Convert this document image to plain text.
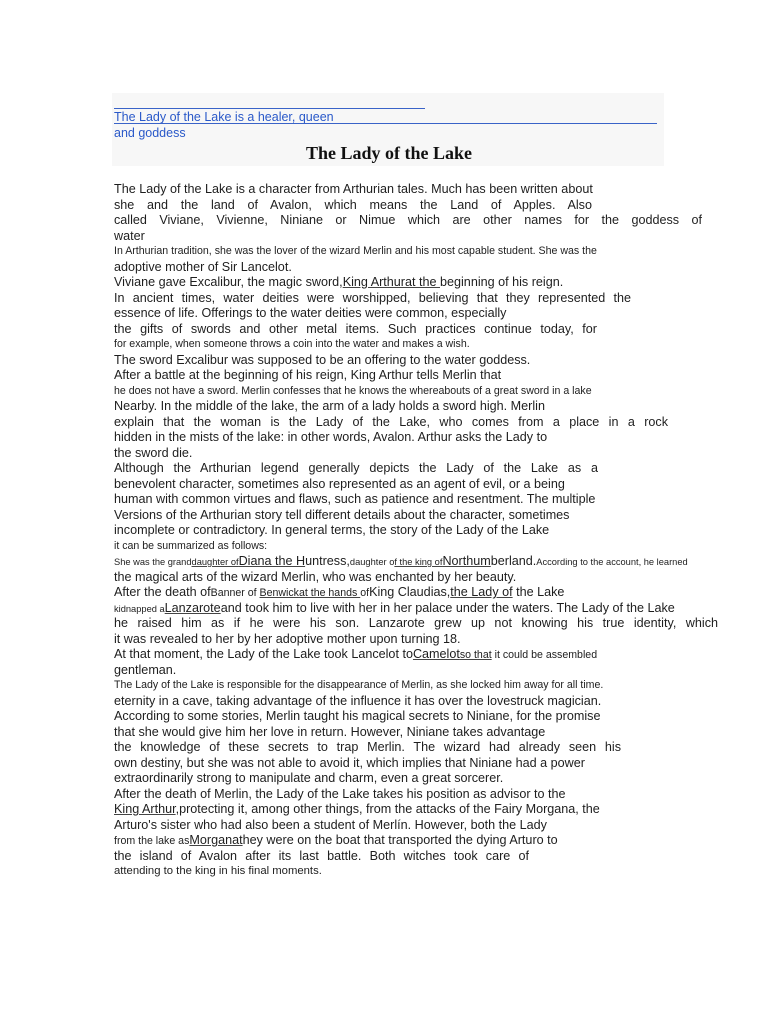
The Lady of the Lake is a healer, queen
and goddess
The Lady of the Lake
The Lady of the Lake is a character from Arthurian tales. Much has been written about
she and the land of Avalon, which means the Land of Apples. Also
called Viviane, Vivienne, Niniane or Nimue which are other names for the goddess of
water
In Arthurian tradition, she was the lover of the wizard Merlin and his most capable student. She was the
adoptive mother of Sir Lancelot.
Viviane gave Excalibur, the magic sword,King Arthurat the beginning of his reign.
In ancient times, water deities were worshipped, believing that they represented the
essence of life. Offerings to the water deities were common, especially
the gifts of swords and other metal items. Such practices continue today, for
for example, when someone throws a coin into the water and makes a wish.
The sword Excalibur was supposed to be an offering to the water goddess.
After a battle at the beginning of his reign, King Arthur tells Merlin that
he does not have a sword. Merlin confesses that he knows the whereabouts of a great sword in a lake
Nearby. In the middle of the lake, the arm of a lady holds a sword high. Merlin
explain that the woman is the Lady of the Lake, who comes from a place in a rock
hidden in the mists of the lake: in other words, Avalon. Arthur asks the Lady to
the sword die.
Although the Arthurian legend generally depicts the Lady of the Lake as a
benevolent character, sometimes also represented as an agent of evil, or a being
human with common virtues and flaws, such as patience and resentment. The multiple
Versions of the Arthurian story tell different details about the character, sometimes
incomplete or contradictory. In general terms, the story of the Lady of the Lake
it can be summarized as follows:
She was the granddaughter ofDiana the Huntress,daughter of the king ofNorthumberland.According to the account, he learned
the magical arts of the wizard Merlin, who was enchanted by her beauty.
After the death ofBanner of Benwickat the hands ofKing Claudias,the Lady of the Lake
kidnapped aLanzaroteand took him to live with her in her palace under the waters. The Lady of the Lake
he raised him as if he were his son. Lanzarote grew up not knowing his true identity, which
it was revealed to her by her adoptive mother upon turning 18.
At that moment, the Lady of the Lake took Lancelot toCamelotso that it could be assembled
gentleman.
The Lady of the Lake is responsible for the disappearance of Merlin, as she locked him away for all time.
eternity in a cave, taking advantage of the influence it has over the lovestruck magician.
According to some stories, Merlin taught his magical secrets to Niniane, for the promise
that she would give him her love in return. However, Niniane takes advantage
the knowledge of these secrets to trap Merlin. The wizard had already seen his
own destiny, but she was not able to avoid it, which implies that Niniane had a power
extraordinarily strong to manipulate and charm, even a great sorcerer.
After the death of Merlin, the Lady of the Lake takes his position as advisor to the
King Arthur,protecting it, among other things, from the attacks of the Fairy Morgana, the
Arturo's sister who had also been a student of Merlín. However, both the Lady
from the lake asMorganathey were on the boat that transported the dying Arturo to
the island of Avalon after its last battle. Both witches took care of
attending to the king in his final moments.
